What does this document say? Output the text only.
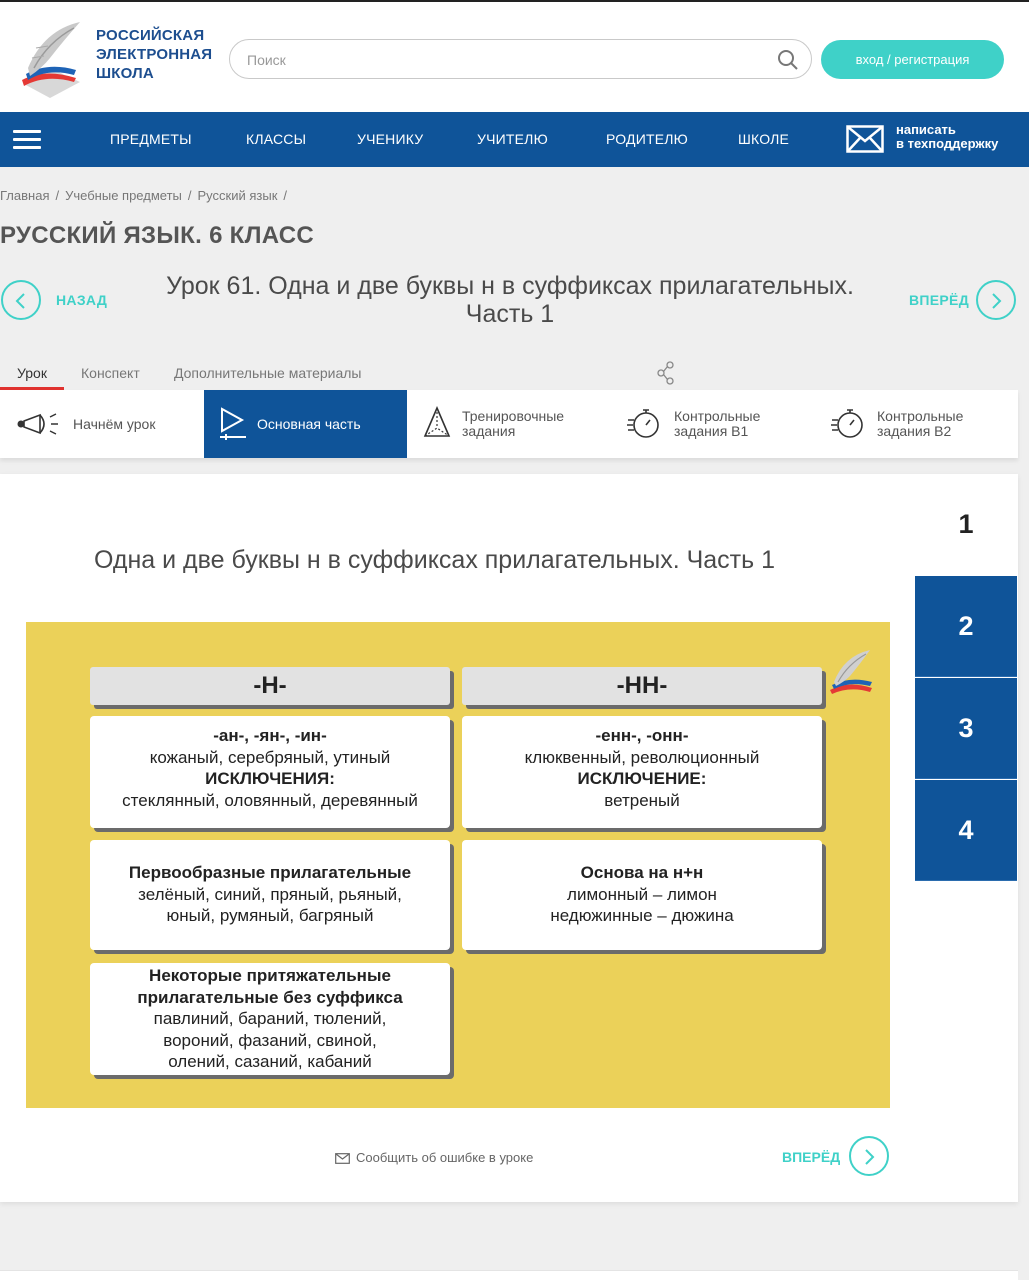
РОССИЙСКАЯ
ЭЛЕКТРОННАЯ
ШКОЛА
Поиск
вход / регистрация
ПРЕДМЕТЫ	КЛАССЫ	УЧЕНИКУ	УЧИТЕЛЮ	РОДИТЕЛЮ	ШКОЛЕ
написать
в техподдержку
Главная / Учебные предметы / Русский язык /
РУССКИЙ ЯЗЫК. 6 КЛАСС
НАЗАД	Урок 61. Одна и две буквы н в суффиксах прилагательных.
Часть 1	ВПЕРЁД
Урок Конспект Дополнительные материалы
Начнём урок	Основная часть	Тренировочные
задания
Контрольные
задания В1
Контрольные
задания В2
Одна и две буквы н в суффиксах прилагательных. Часть 1
1
2
3
4
-Н-	-НН-
-ан-, -ян-, -ин-
кожаный, серебряный, утиный
ИСКЛЮЧЕНИЯ:
стеклянный, оловянный, деревянный
-енн-, -онн-
клюквенный, революционный
ИСКЛЮЧЕНИЕ:
ветреный
Первообразные прилагательные
зелёный, синий, пряный, рьяный,
юный, румяный, багряный
Основа на н+н
лимонный – лимон
недюжинные – дюжина
Некоторые притяжательные
прилагательные без суффикса
павлиний, бараний, тюлений,
вороний, фазаний, свиной,
олений, сазаний, кабаний
Сообщить об ошибке в уроке	ВПЕРЁД
